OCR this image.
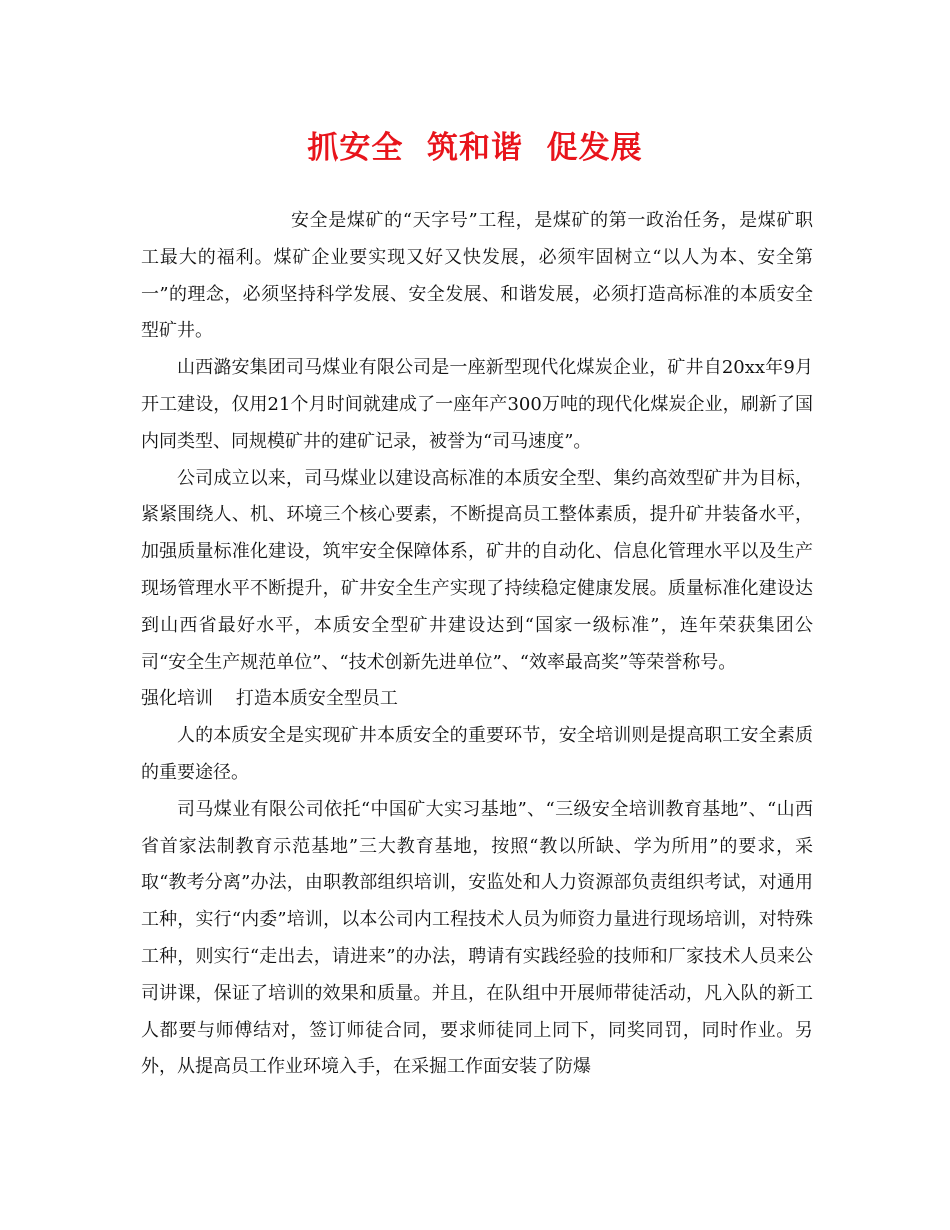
抓安全  筑和谐  促发展

安全是煤矿的“天字号”工程，是煤矿的第一政治任务，是煤矿职工最大的福利。煤矿企业要实现又好又快发展，必须牢固树立“以人为本、安全第一”的理念，必须坚持科学发展、安全发展、和谐发展，必须打造高标准的本质安全型矿井。

山西潞安集团司马煤业有限公司是一座新型现代化煤炭企业，矿井自20xx年9月开工建设，仅用21个月时间就建成了一座年产300万吨的现代化煤炭企业，刷新了国内同类型、同规模矿井的建矿记录，被誉为“司马速度”。

公司成立以来，司马煤业以建设高标准的本质安全型、集约高效型矿井为目标，紧紧围绕人、机、环境三个核心要素，不断提高员工整体素质，提升矿井装备水平，加强质量标准化建设，筑牢安全保障体系，矿井的自动化、信息化管理水平以及生产现场管理水平不断提升，矿井安全生产实现了持续稳定健康发展。质量标准化建设达到山西省最好水平，本质安全型矿井建设达到“国家一级标准”，连年荣获集团公司“安全生产规范单位”、“技术创新先进单位”、“效率最高奖”等荣誉称号。

强化培训    打造本质安全型员工

人的本质安全是实现矿井本质安全的重要环节，安全培训则是提高职工安全素质的重要途径。

司马煤业有限公司依托“中国矿大实习基地”、“三级安全培训教育基地”、“山西省首家法制教育示范基地”三大教育基地，按照“教以所缺、学为所用”的要求，采取“教考分离”办法，由职教部组织培训，安监处和人力资源部负责组织考试，对通用工种，实行“内委”培训，以本公司内工程技术人员为师资力量进行现场培训，对特殊工种，则实行“走出去，请进来”的办法，聘请有实践经验的技师和厂家技术人员来公司讲课，保证了培训的效果和质量。并且，在队组中开展师带徒活动，凡入队的新工人都要与师傅结对，签订师徒合同，要求师徒同上同下，同奖同罚，同时作业。另外，从提高员工作业环境入手，在采掘工作面安装了防爆
